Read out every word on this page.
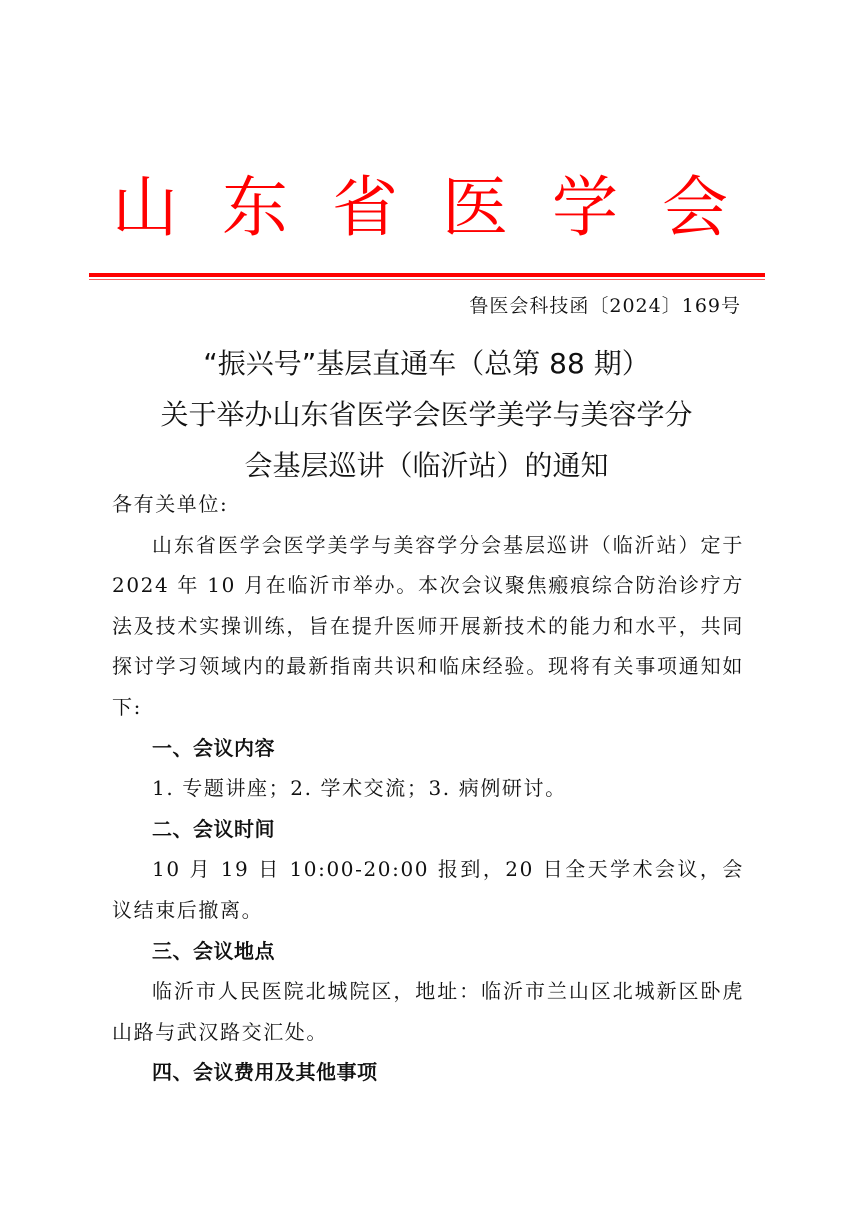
山 东 省 医 学 会
鲁医会科技函〔2024〕169号
“振兴号”基层直通车（总第 88 期）
关于举办山东省医学会医学美学与美容学分
会基层巡讲（临沂站）的通知

各有关单位:

山东省医学会医学美学与美容学分会基层巡讲（临沂站）定于 2024 年 10 月在临沂市举办。本次会议聚焦瘢痕综合防治诊疗方法及技术实操训练，旨在提升医师开展新技术的能力和水平，共同探讨学习领域内的最新指南共识和临床经验。现将有关事项通知如下:

一、会议内容

1. 专题讲座；2. 学术交流；3. 病例研讨。

二、会议时间

10 月 19 日 10:00-20:00 报到，20 日全天学术会议，会议结束后撤离。

三、会议地点

临沂市人民医院北城院区，地址：临沂市兰山区北城新区卧虎山路与武汉路交汇处。

四、会议费用及其他事项
